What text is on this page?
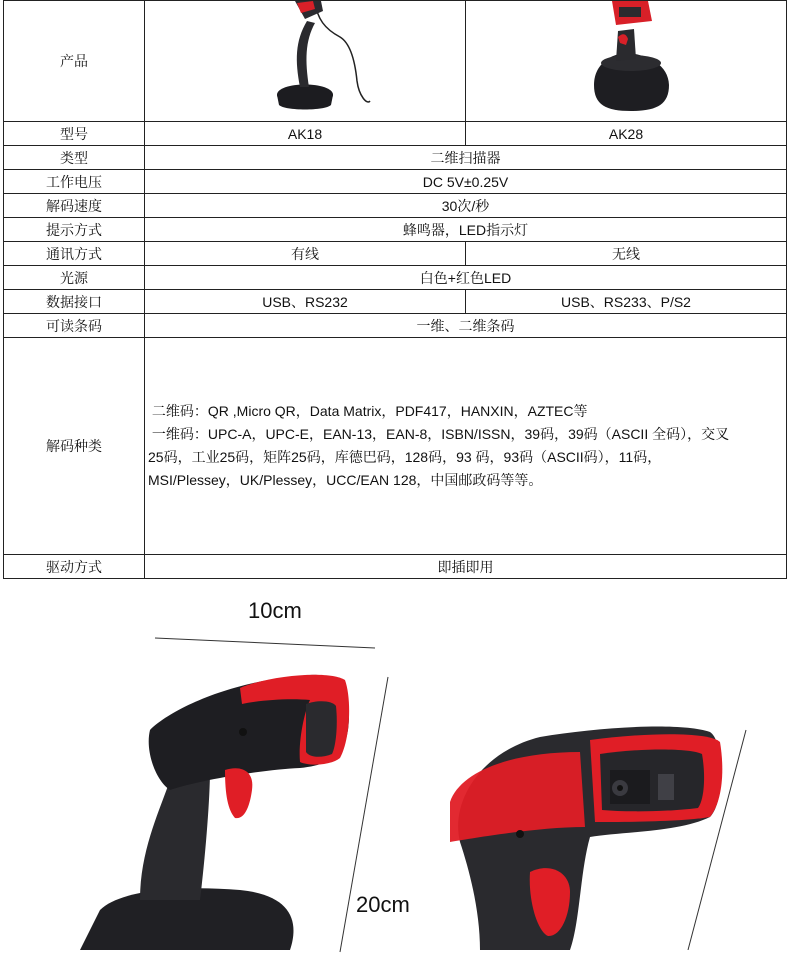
产品	

型号	AK18	AK28
类型	二维扫描器	
工作电压	DC 5V±0.25V	
解码速度	30次/秒	
提示方式	蜂鸣器，LED指示灯	
通讯方式	有线	无线
光源	白色+红色LED	
数据接口	USB、RS232	USB、RS233、P/S2
可读条码	一维、二维条码	
解码种类	二维码：QR ,Micro QR，Data Matrix，PDF417，HANXIN，AZTEC等
一维码：UPC-A，UPC-E，EAN-13，EAN-8，ISBN/ISSN，39码，39码（ASCII 全码），交叉
25码，工业25码，矩阵25码，库德巴码，128码，93 码，93码（ASCII码），11码，
MSI/Plessey，UK/Plessey，UCC/EAN 128，中国邮政码等等。	

驱动方式	即插即用	
10cm
20cm
